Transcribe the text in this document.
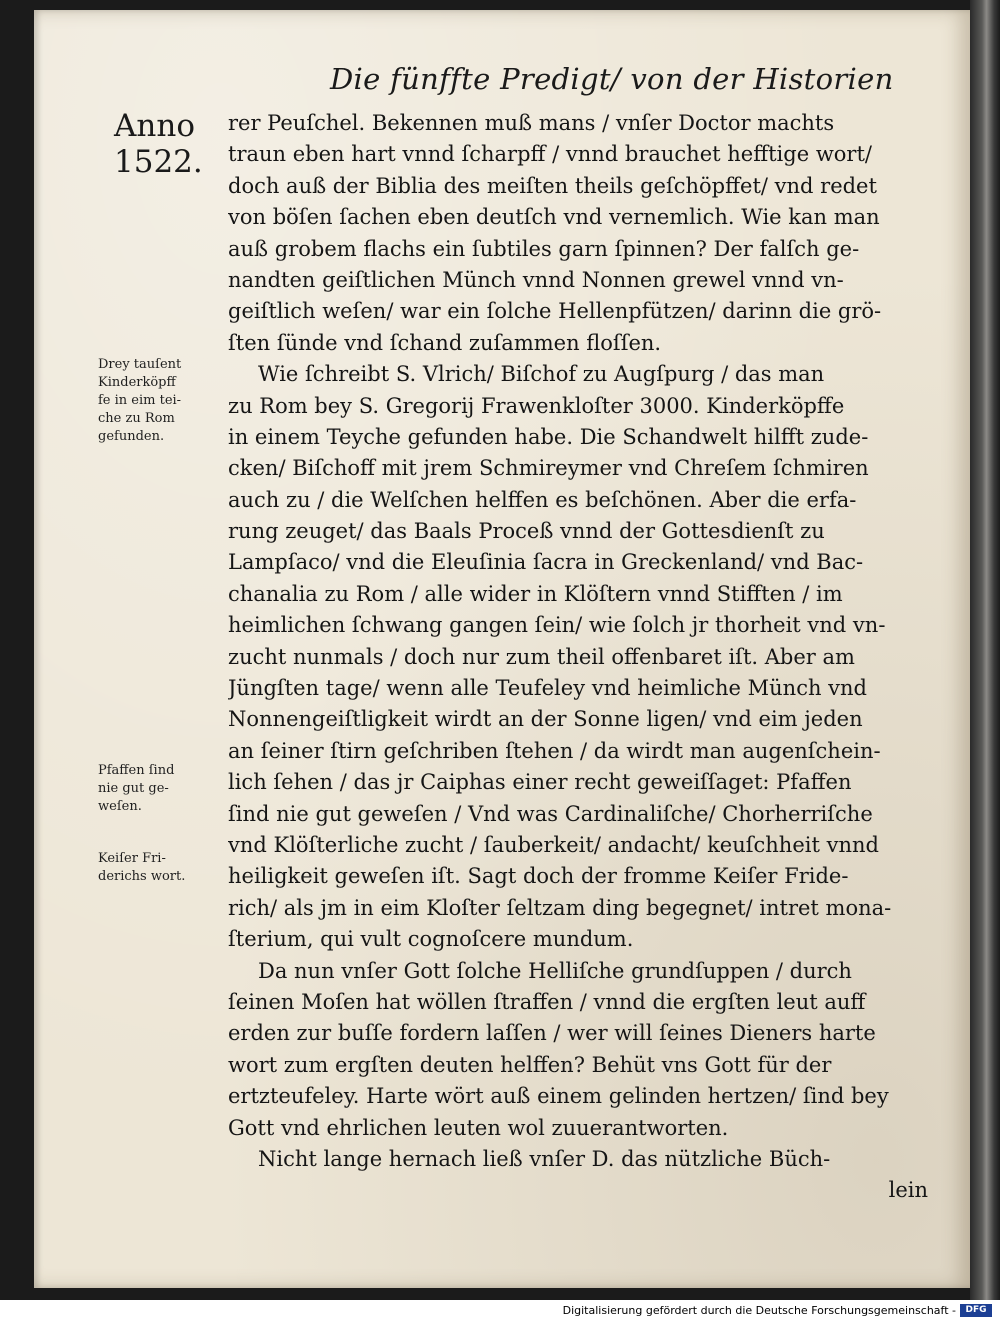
Die fünffte Predigt/ von der Historien
Anno
1522.
rer Peuſchel. Bekennen muß mans / vnſer Doctor machts
traun eben hart vnnd ſcharpff / vnnd brauchet hefftige wort/
doch auß der Biblia des meiſten theils geſchöpffet/ vnd redet
von böſen ſachen eben deutſch vnd vernemlich. Wie kan man
auß grobem flachs ein ſubtiles garn ſpinnen? Der falſch ge-
nandten geiſtlichen Münch vnnd Nonnen grewel vnnd vn-
geiſtlich weſen/ war ein ſolche Hellenpfützen/ darinn die grö-
ſten ſünde vnd ſchand zuſammen floſſen.
Wie ſchreibt S. Vlrich/ Biſchof zu Augſpurg / das man
zu Rom bey S. Gregorij Frawenkloſter 3000. Kinderköpffe
in einem Teyche gefunden habe. Die Schandwelt hilfft zude-
cken/ Biſchoff mit jrem Schmireymer vnd Chreſem ſchmiren
auch zu / die Welſchen helffen es beſchönen. Aber die erfa-
rung zeuget/ das Baals Proceß vnnd der Gottesdienſt zu
Lampſaco/ vnd die Eleuſinia ſacra in Greckenland/ vnd Bac-
chanalia zu Rom / alle wider in Klöſtern vnnd Stifften / im
heimlichen ſchwang gangen ſein/ wie ſolch jr thorheit vnd vn-
zucht nunmals / doch nur zum theil offenbaret iſt. Aber am
Jüngſten tage/ wenn alle Teufeley vnd heimliche Münch vnd
Nonnengeiſtligkeit wirdt an der Sonne ligen/ vnd eim jeden
an ſeiner ſtirn geſchriben ſtehen / da wirdt man augenſchein-
lich ſehen / das jr Caiphas einer recht geweiſſaget: Pfaffen
ſind nie gut geweſen / Vnd was Cardinaliſche/ Chorherriſche
vnd Klöſterliche zucht / ſauberkeit/ andacht/ keuſchheit vnnd
heiligkeit geweſen iſt. Sagt doch der fromme Keiſer Fride-
rich/ als jm in eim Kloſter ſeltzam ding begegnet/ intret mona-
ſterium, qui vult cognoſcere mundum.
Da nun vnſer Gott ſolche Helliſche grundſuppen / durch
ſeinen Moſen hat wöllen ſtraffen / vnnd die ergſten leut auff
erden zur buſſe fordern laſſen / wer will ſeines Dieners harte
wort zum ergſten deuten helffen? Behüt vns Gott für der
ertzteufeley. Harte wört auß einem gelinden hertzen/ ſind bey
Gott vnd ehrlichen leuten wol zuuerantworten.
Nicht lange hernach ließ vnſer D. das nützliche Büch-
lein
Drey tauſent
Kinderköpff
fe in eim tei-
che zu Rom
gefunden.
Pfaffen ſind
nie gut ge-
weſen.
Keiſer Fri-
derichs wort.
Digitalisierung gefördert durch die Deutsche Forschungsgemeinschaft -	DFG
